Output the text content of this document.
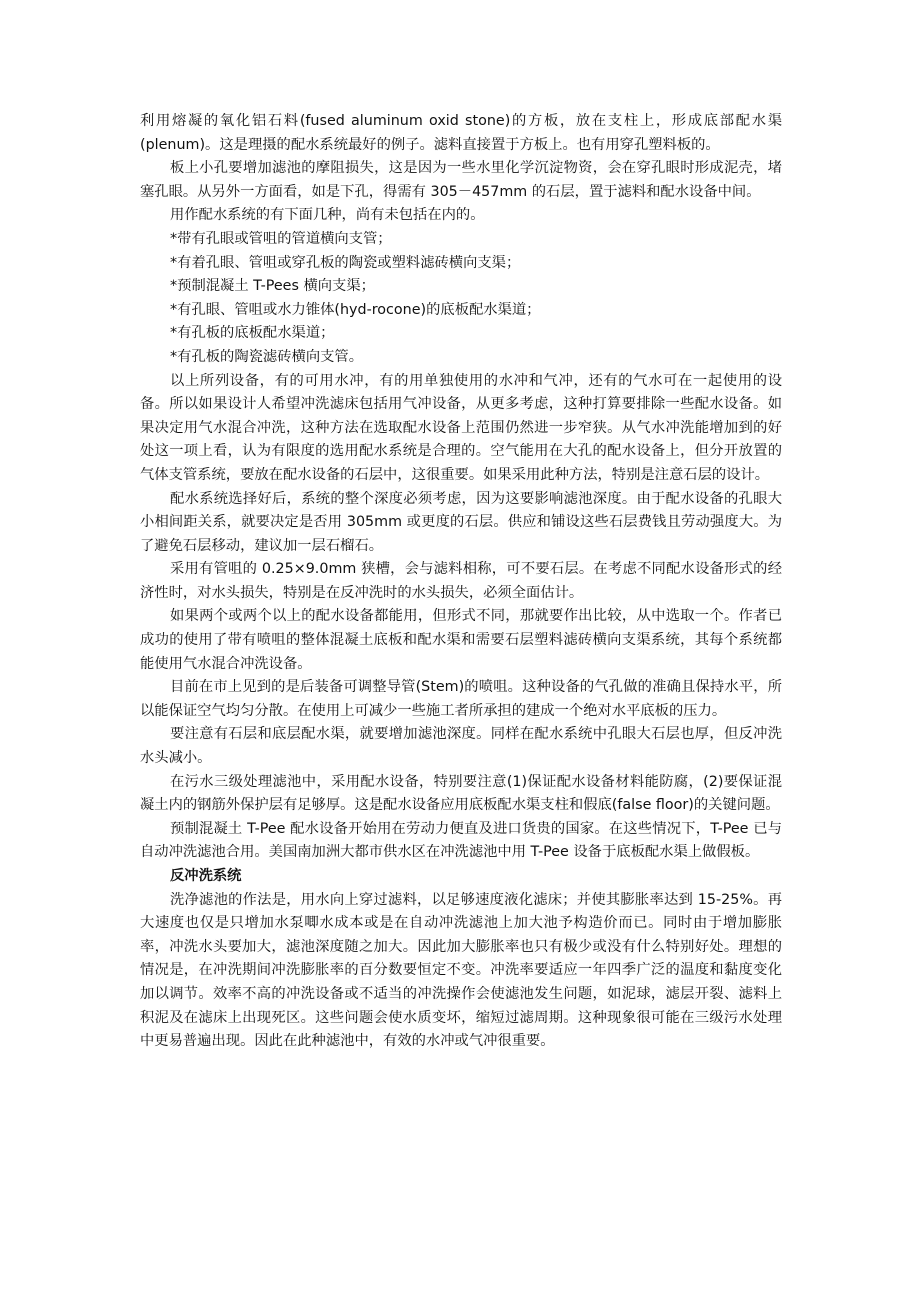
利用熔凝的氧化铝石料(fused aluminum oxid stone)的方板，放在支柱上，形成底部配水渠(plenum)。这是理摄的配水系统最好的例子。滤料直接置于方板上。也有用穿孔塑料板的。

板上小孔要增加滤池的摩阻损失，这是因为一些水里化学沉淀物资，会在穿孔眼时形成泥壳，堵塞孔眼。从另外一方面看，如是下孔，得需有 305－457mm 的石层，置于滤料和配水设备中间。

用作配水系统的有下面几种，尚有未包括在内的。

*带有孔眼或管咀的管道横向支管；

*有着孔眼、管咀或穿孔板的陶瓷或塑料滤砖横向支渠；

*预制混凝土 T-Pees 横向支渠；

*有孔眼、管咀或水力锥体(hyd-rocone)的底板配水渠道；

*有孔板的底板配水渠道；

*有孔板的陶瓷滤砖横向支管。

以上所列设备，有的可用水冲，有的用单独使用的水冲和气冲，还有的气水可在一起使用的设备。所以如果设计人希望冲洗滤床包括用气冲设备，从更多考虑，这种打算要排除一些配水设备。如果决定用气水混合冲洗，这种方法在选取配水设备上范围仍然进一步窄狭。从气水冲洗能增加到的好处这一项上看，认为有限度的选用配水系统是合理的。空气能用在大孔的配水设备上，但分开放置的气体支管系统，要放在配水设备的石层中，这很重要。如果采用此种方法，特别是注意石层的设计。

配水系统选择好后，系统的整个深度必须考虑，因为这要影响滤池深度。由于配水设备的孔眼大小相间距关系，就要决定是否用 305mm 或更度的石层。供应和铺设这些石层费钱且劳动强度大。为了避免石层移动，建议加一层石榴石。

采用有管咀的 0.25×9.0mm 狭槽，会与滤料相称，可不要石层。在考虑不同配水设备形式的经济性时，对水头损失，特别是在反冲洗时的水头损失，必须全面估计。

如果两个或两个以上的配水设备都能用，但形式不同，那就要作出比较，从中选取一个。作者已成功的使用了带有喷咀的整体混凝土底板和配水渠和需要石层塑料滤砖横向支渠系统，其每个系统都能使用气水混合冲洗设备。

目前在市上见到的是后装备可调整导管(Stem)的喷咀。这种设备的气孔做的准确且保持水平，所以能保证空气均匀分散。在使用上可减少一些施工者所承担的建成一个绝对水平底板的压力。

要注意有石层和底层配水渠，就要增加滤池深度。同样在配水系统中孔眼大石层也厚，但反冲洗水头减小。

在污水三级处理滤池中，采用配水设备，特别要注意(1)保证配水设备材料能防腐，(2)要保证混凝土内的钢筋外保护层有足够厚。这是配水设备应用底板配水渠支柱和假底(false floor)的关键问题。

预制混凝土 T-Pee 配水设备开始用在劳动力便直及进口货贵的国家。在这些情况下，T-Pee 已与自动冲洗滤池合用。美国南加洲大都市供水区在冲洗滤池中用 T-Pee 设备于底板配水渠上做假板。

反冲洗系统

洗净滤池的作法是，用水向上穿过滤料，以足够速度液化滤床；并使其膨胀率达到 15-25%。再大速度也仅是只增加水泵唧水成本或是在自动冲洗滤池上加大池予构造价而已。同时由于增加膨胀率，冲洗水头要加大，滤池深度随之加大。因此加大膨胀率也只有极少或没有什么特别好处。理想的情况是，在冲洗期间冲洗膨胀率的百分数要恒定不变。冲洗率要适应一年四季广泛的温度和黏度变化加以调节。效率不高的冲洗设备或不适当的冲洗操作会使滤池发生问题，如泥球，滤层开裂、滤料上积泥及在滤床上出现死区。这些问题会使水质变坏，缩短过滤周期。这种现象很可能在三级污水处理中更易普遍出现。因此在此种滤池中，有效的水冲或气冲很重要。
